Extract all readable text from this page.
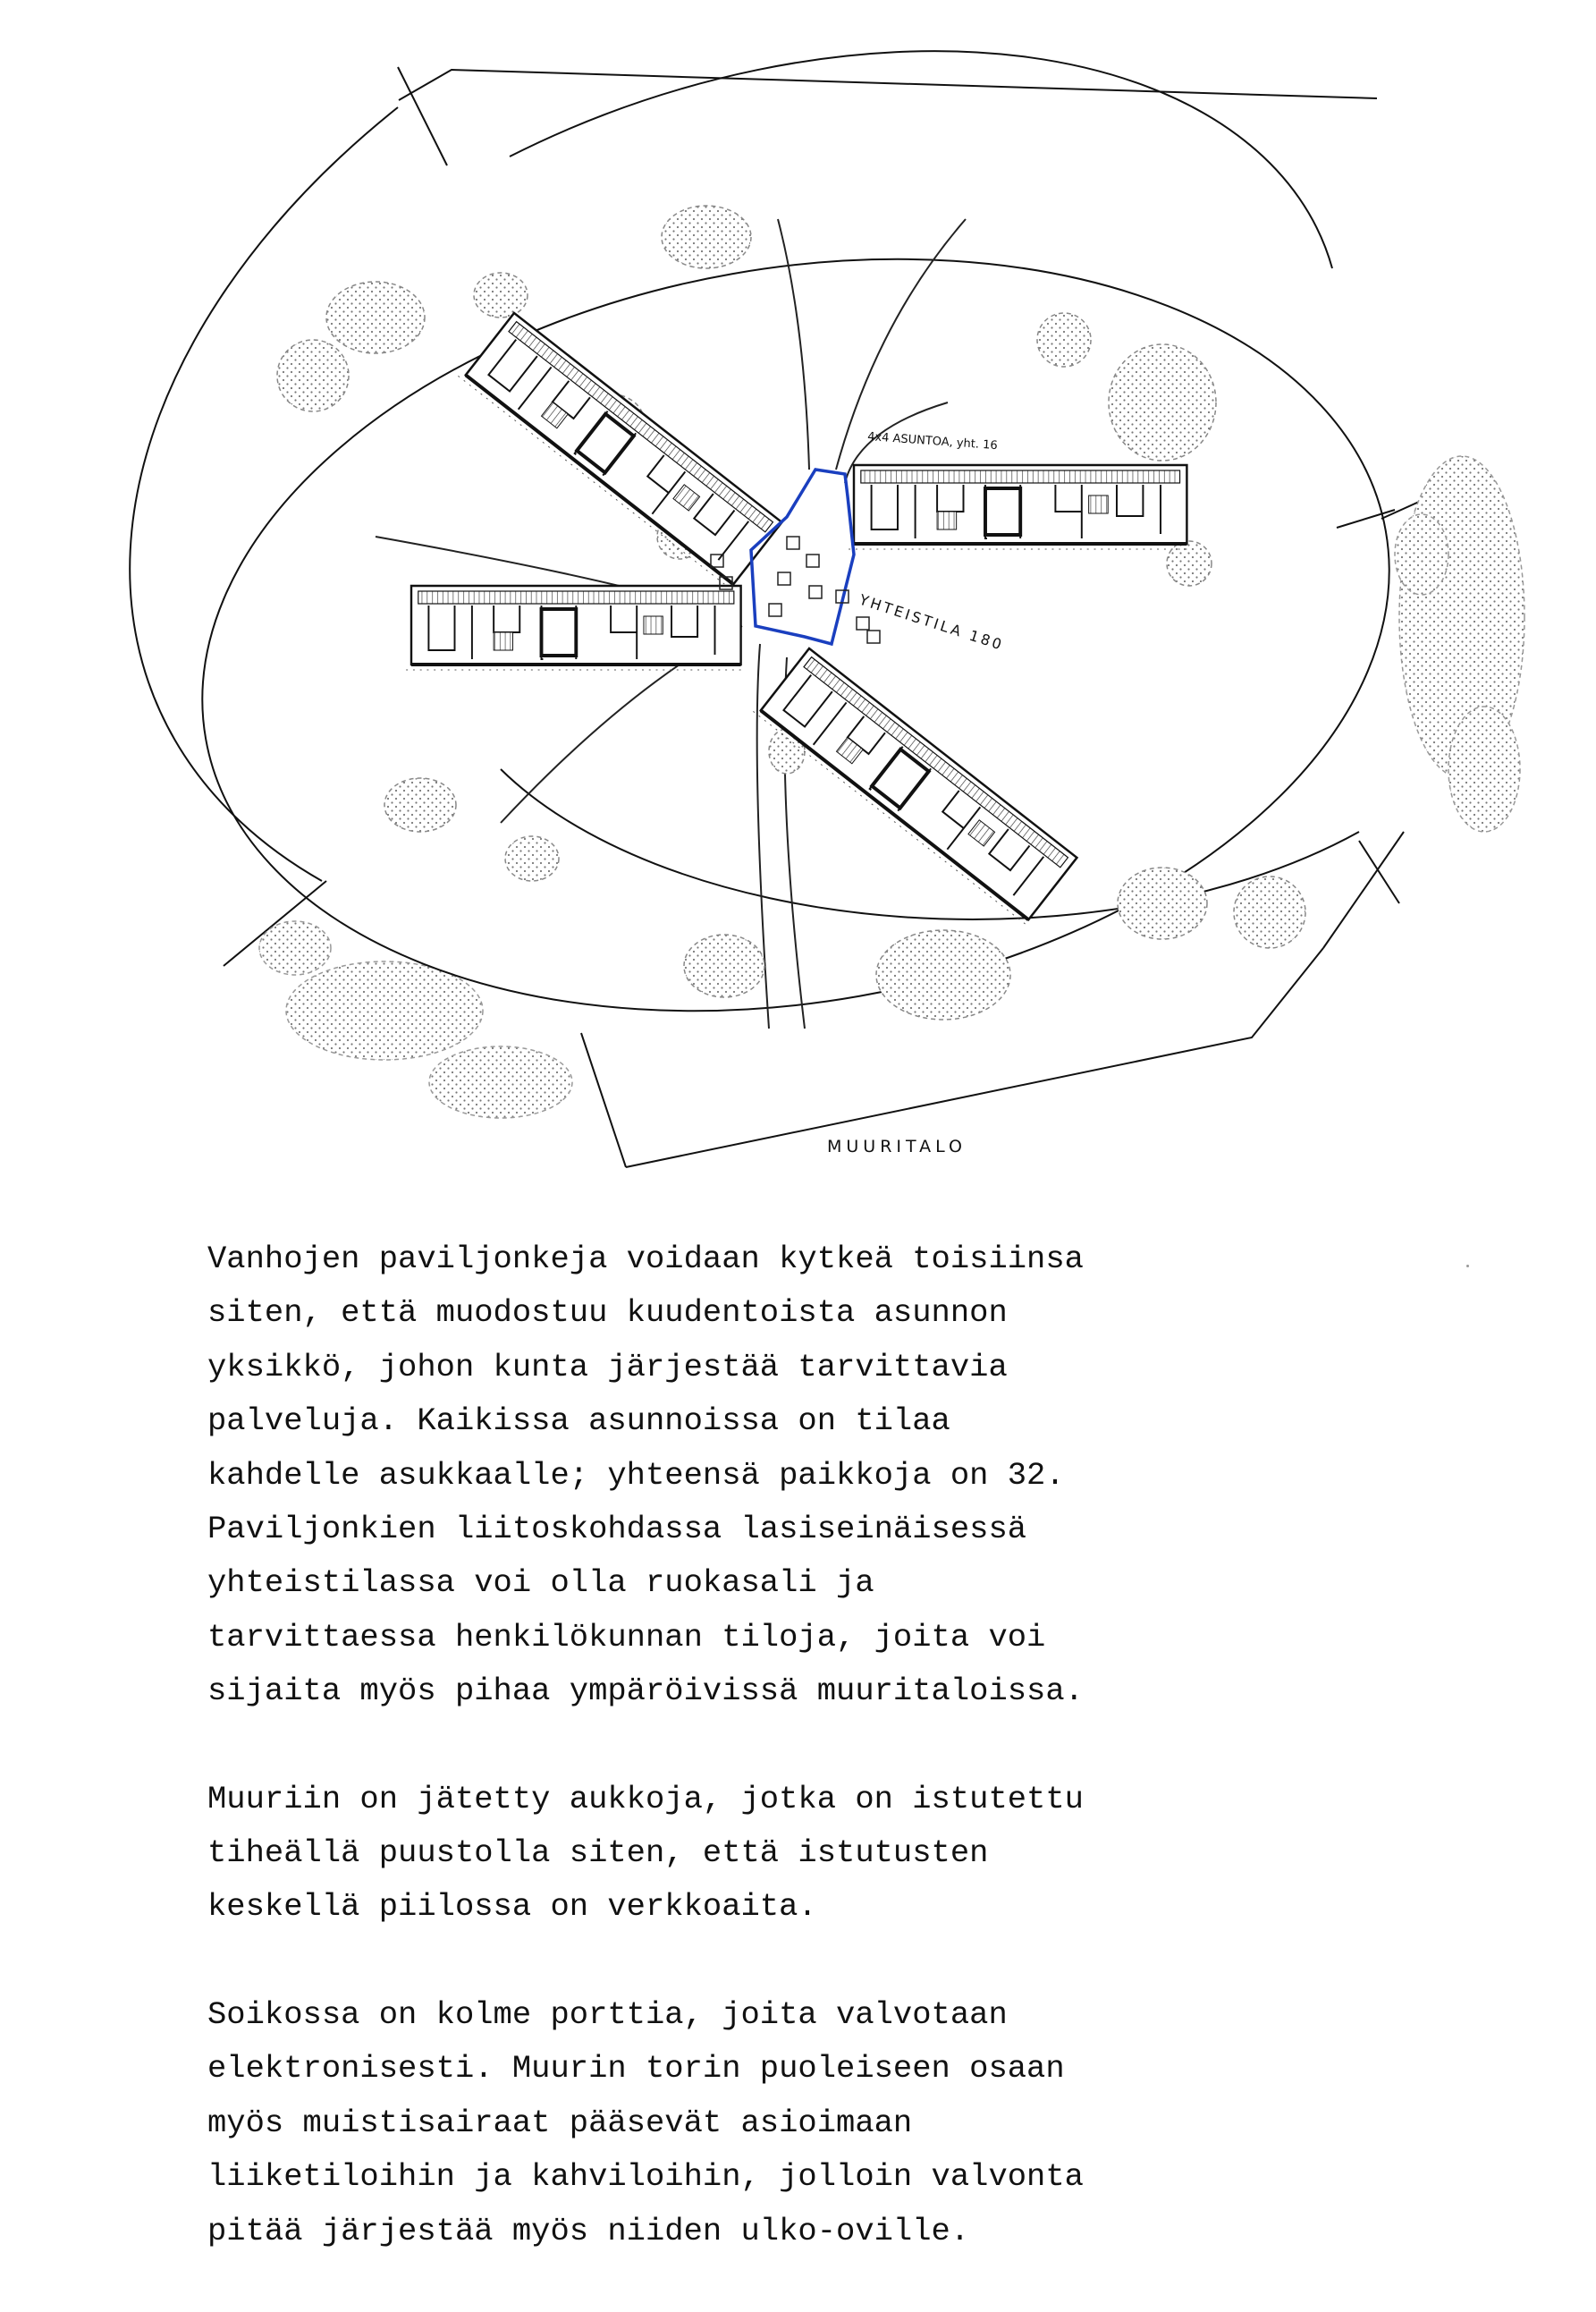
4x4 ASUNTOA, yht. 16
YHTEISTILA 180
MUURITALO

Vanhojen paviljonkeja voidaan kytkeä toisiinsa
siten, että muodostuu kuudentoista asunnon
yksikkö, johon kunta järjestää tarvittavia
palveluja. Kaikissa asunnoissa on tilaa
kahdelle asukkaalle; yhteensä paikkoja on 32.
Paviljonkien liitoskohdassa lasiseinäisessä
yhteistilassa voi olla ruokasali ja
tarvittaessa henkilökunnan tiloja, joita voi
sijaita myös pihaa ympäröivissä muuritaloissa.

Muuriin on jätetty aukkoja, jotka on istutettu
tiheällä puustolla siten, että istutusten
keskellä piilossa on verkkoaita.

Soikossa on kolme porttia, joita valvotaan
elektronisesti. Muurin torin puoleiseen osaan
myös muistisairaat pääsevät asioimaan
liiketiloihin ja kahviloihin, jolloin valvonta
pitää järjestää myös niiden ulko-oville.
